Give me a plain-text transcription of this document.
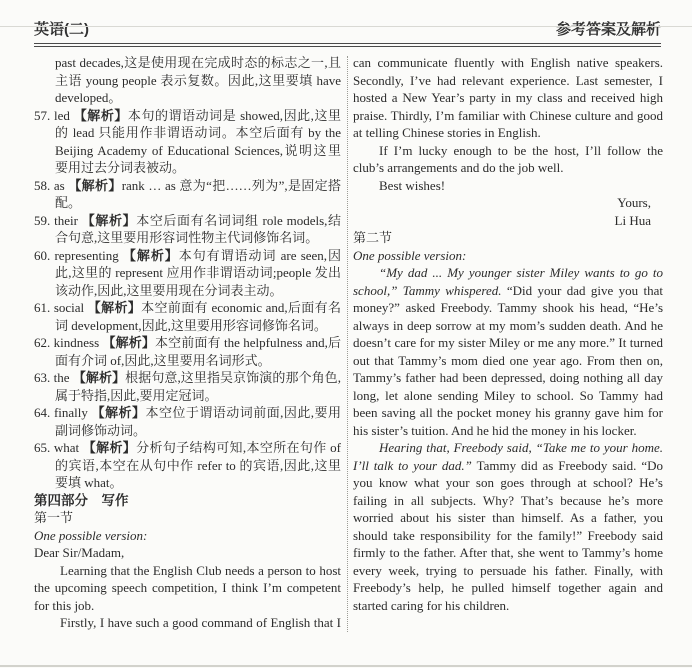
英语(二)	参考答案及解析
past decades,这是使用现在完成时态的标志之一,且主语 young people 表示复数。因此,这里要填 have developed。
57. led 【解析】本句的谓语动词是 showed,因此,这里的 lead 只能用作非谓语动词。本空后面有 by the Beijing Academy of Educational Sciences,说明这里要用过去分词表被动。
58. as 【解析】rank … as 意为“把……列为”,是固定搭配。
59. their 【解析】本空后面有名词词组 role models,结合句意,这里要用形容词性物主代词修饰名词。
60. representing 【解析】本句有谓语动词 are seen,因此,这里的 represent 应用作非谓语动词;people 发出该动作,因此,这里要用现在分词表主动。
61. social 【解析】本空前面有 economic and,后面有名词 development,因此,这里要用形容词修饰名词。
62. kindness 【解析】本空前面有 the helpfulness and,后面有介词 of,因此,这里要用名词形式。
63. the 【解析】根据句意,这里指吴京饰演的那个角色,属于特指,因此,要用定冠词。
64. finally 【解析】本空位于谓语动词前面,因此,要用副词修饰动词。
65. what 【解析】分析句子结构可知,本空所在句作 of 的宾语,本空在从句中作 refer to 的宾语,因此,这里要填 what。
第四部分　写作
第一节
One possible version:
Dear Sir/Madam,
Learning that the English Club needs a person to host the upcoming speech competition, I think I’m competent for this job.
Firstly, I have such a good command of English that I
can communicate fluently with English native speakers. Secondly, I’ve had relevant experience. Last semester, I hosted a New Year’s party in my class and received high praise. Thirdly, I’m familiar with Chinese culture and good at telling Chinese stories in English.
If I’m lucky enough to be the host, I’ll follow the club’s arrangements and do the job well.
Best wishes!
Yours,
Li Hua
第二节
One possible version:
“My dad ... My younger sister Miley wants to go to school,” Tammy whispered. “Did your dad give you that money?” asked Freebody. Tammy shook his head, “He’s always in deep sorrow at my mom’s sudden death. And he doesn’t care for my sister Miley or me any more.” It turned out that Tammy’s mom died one year ago. From then on, Tammy’s father had been depressed, doing nothing all day long, let alone sending Miley to school. So Tammy had been saving all the pocket money his granny gave him for his sister’s tuition. And he hid the money in his locker.
Hearing that, Freebody said, “Take me to your home. I’ll talk to your dad.” Tammy did as Freebody said. “Do you know what your son goes through at school? He’s failing in all subjects. Why? That’s because he’s more worried about his sister than himself. As a father, you should take responsibility for the family!” Freebody said firmly to the father. After that, she went to Tammy’s home every week, trying to persuade his father. Finally, with Freebody’s help, he pulled himself together again and started caring for his children.
